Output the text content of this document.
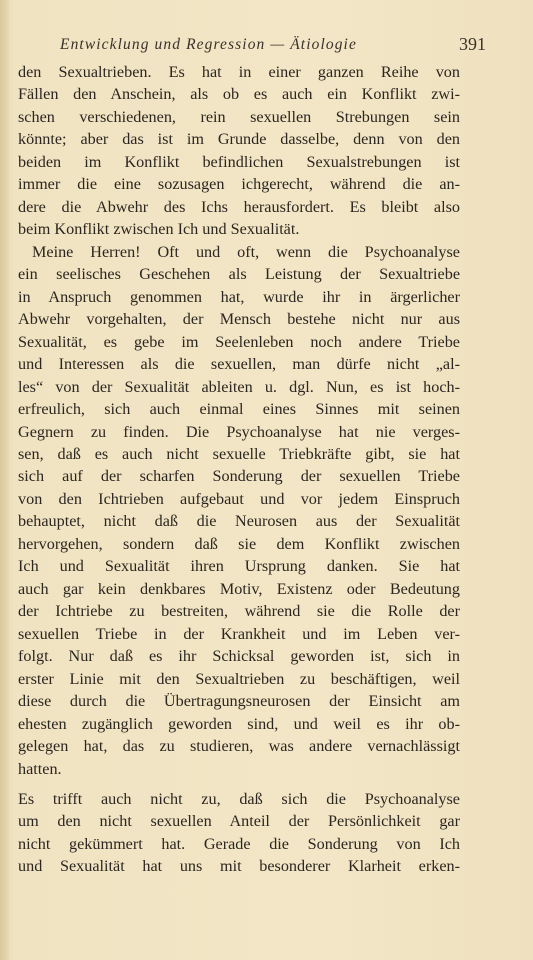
Entwicklung und Regression — Ätiologie	391
den Sexualtrieben. Es hat in einer ganzen Reihe von
Fällen den Anschein, als ob es auch ein Konflikt zwi-
schen verschiedenen, rein sexuellen Strebungen sein
könnte; aber das ist im Grunde dasselbe, denn von den
beiden im Konflikt befindlichen Sexualstrebungen ist
immer die eine sozusagen ichgerecht, während die an-
dere die Abwehr des Ichs herausfordert. Es bleibt also
beim Konflikt zwischen Ich und Sexualität.
Meine Herren! Oft und oft, wenn die Psychoanalyse
ein seelisches Geschehen als Leistung der Sexualtriebe
in Anspruch genommen hat, wurde ihr in ärgerlicher
Abwehr vorgehalten, der Mensch bestehe nicht nur aus
Sexualität, es gebe im Seelenleben noch andere Triebe
und Interessen als die sexuellen, man dürfe nicht „al-
les“ von der Sexualität ableiten u. dgl. Nun, es ist hoch-
erfreulich, sich auch einmal eines Sinnes mit seinen
Gegnern zu finden. Die Psychoanalyse hat nie verges-
sen, daß es auch nicht sexuelle Triebkräfte gibt, sie hat
sich auf der scharfen Sonderung der sexuellen Triebe
von den Ichtrieben aufgebaut und vor jedem Einspruch
behauptet, nicht daß die Neurosen aus der Sexualität
hervorgehen, sondern daß sie dem Konflikt zwischen
Ich und Sexualität ihren Ursprung danken. Sie hat
auch gar kein denkbares Motiv, Existenz oder Bedeutung
der Ichtriebe zu bestreiten, während sie die Rolle der
sexuellen Triebe in der Krankheit und im Leben ver-
folgt. Nur daß es ihr Schicksal geworden ist, sich in
erster Linie mit den Sexualtrieben zu beschäftigen, weil
diese durch die Übertragungsneurosen der Einsicht am
ehesten zugänglich geworden sind, und weil es ihr ob-
gelegen hat, das zu studieren, was andere vernachlässigt
hatten.
Es trifft auch nicht zu, daß sich die Psychoanalyse
um den nicht sexuellen Anteil der Persönlichkeit gar
nicht gekümmert hat. Gerade die Sonderung von Ich
und Sexualität hat uns mit besonderer Klarheit erken-
